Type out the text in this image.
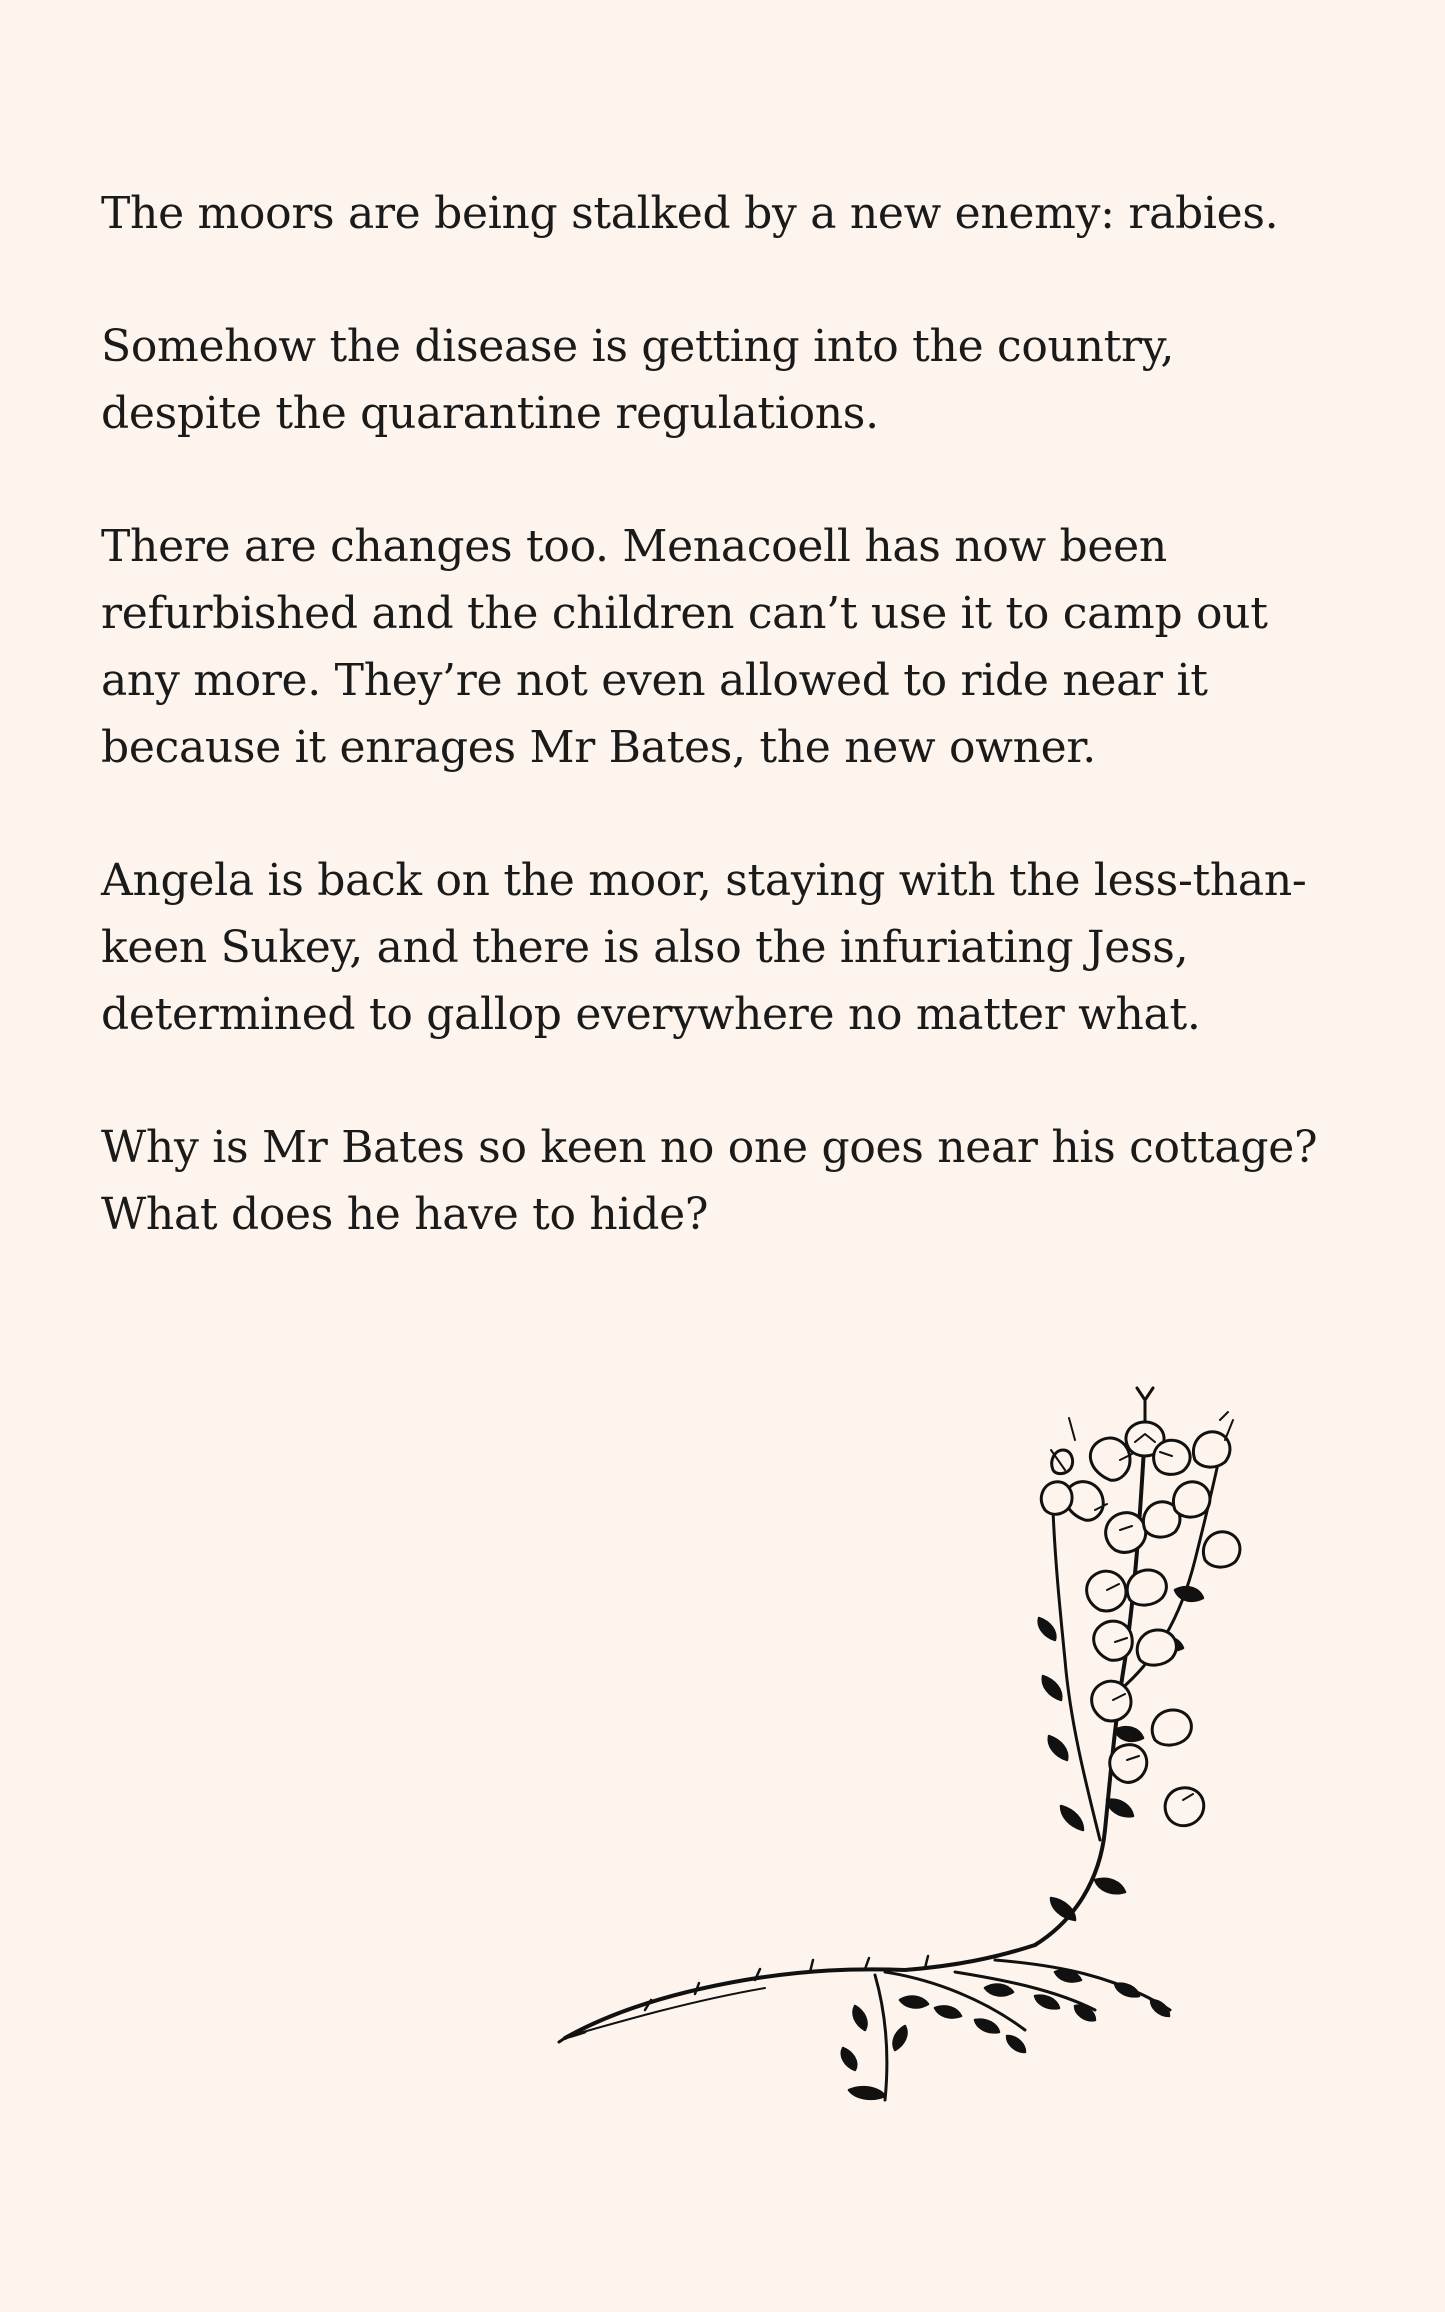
The moors are being stalked by a new enemy: rabies.

Somehow the disease is getting into the country,
despite the quarantine regulations.

There are changes too. Menacoell has now been
refurbished and the children can’t use it to camp out
any more. They’re not even allowed to ride near it
because it enrages Mr Bates, the new owner.

Angela is back on the moor, staying with the less-than-
keen Sukey, and there is also the infuriating Jess,
determined to gallop everywhere no matter what.

Why is Mr Bates so keen no one goes near his cottage?
What does he have to hide?
